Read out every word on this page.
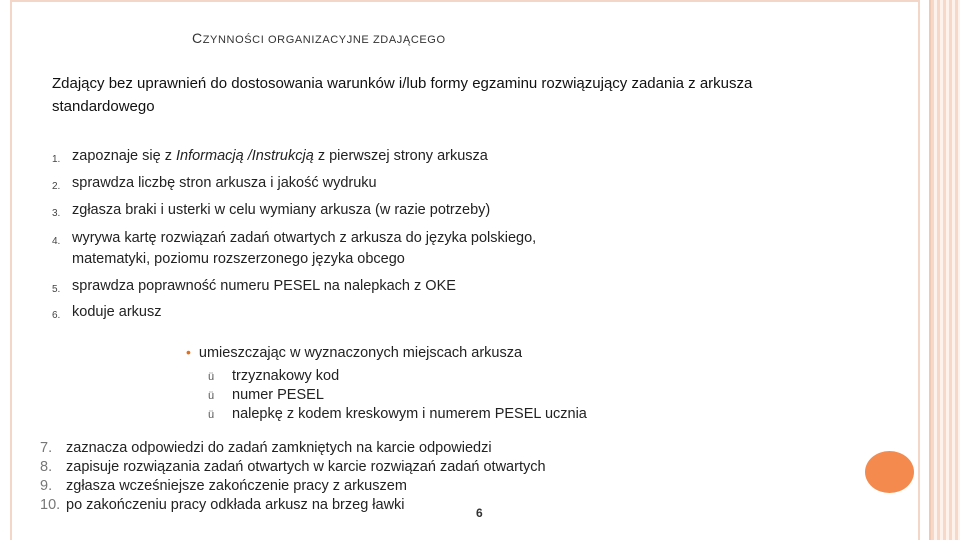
CZYNNOŚCI ORGANIZACYJNE ZDAJĄCEGO
Zdający bez uprawnień do dostosowania warunków i/lub formy egzaminu rozwiązujący zadania z arkusza
standardowego
1. zapoznaje się z Informacją /Instrukcją z pierwszej strony arkusza
2. sprawdza liczbę stron arkusza i jakość wydruku
3. zgłasza braki i usterki w celu wymiany arkusza (w razie potrzeby)
4. wyrywa kartę rozwiązań zadań otwartych z arkusza do języka polskiego,
matematyki, poziomu rozszerzonego języka obcego
5. sprawdza poprawność numeru PESEL na nalepkach z OKE
6. koduje arkusz
• umieszczając w wyznaczonych miejscach arkusza
ü trzyznakowy kod
ü numer PESEL
ü nalepkę z kodem kreskowym i numerem PESEL ucznia
7. zaznacza odpowiedzi do zadań zamkniętych na karcie odpowiedzi
8. zapisuje rozwiązania zadań otwartych w karcie rozwiązań zadań otwartych
9. zgłasza wcześniejsze zakończenie pracy z arkuszem
10. po zakończeniu pracy odkłada arkusz na brzeg ławki	6
